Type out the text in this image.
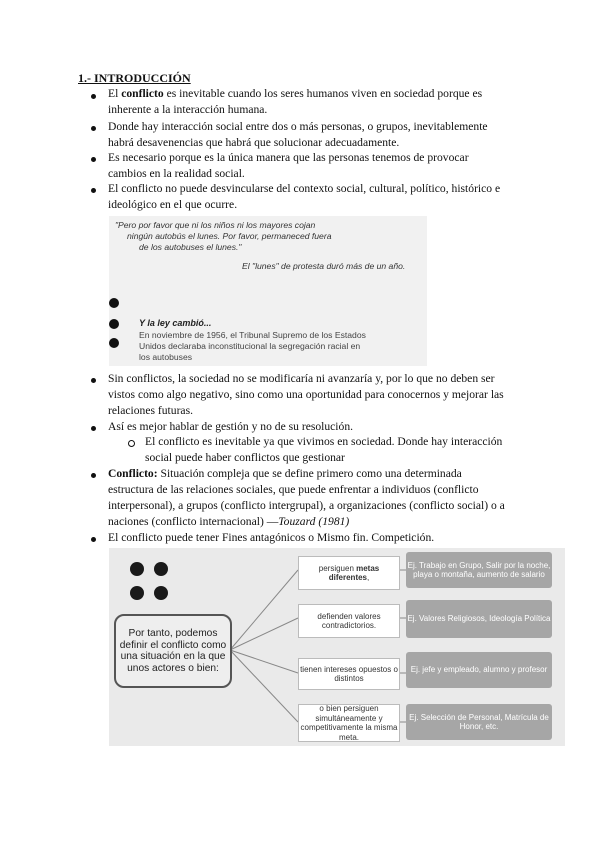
1.- INTRODUCCIÓN
El conflicto es inevitable cuando los seres humanos viven en sociedad porque es
inherente a la interacción humana.
Donde hay interacción social entre dos o más personas, o grupos, inevitablemente
habrá desavenencias que habrá que solucionar adecuadamente.
Es necesario porque es la única manera que las personas tenemos de provocar
cambios en la realidad social.
El conflicto no puede desvincularse del contexto social, cultural, político, histórico e
ideológico en el que ocurre.
"Pero por favor que ni los niños ni los mayores cojan
ningún autobús el lunes. Por favor, permaneced fuera
de los autobuses el lunes."
El "lunes" de protesta duró más de un año.
Y la ley cambió...
En noviembre de 1956, el Tribunal Supremo de los Estados
Unidos declaraba inconstitucional la segregación racial en
los autobuses
Sin conflictos, la sociedad no se modificaría ni avanzaría y, por lo que no deben ser
vistos como algo negativo, sino como una oportunidad para conocernos y mejorar las
relaciones futuras.
Así es mejor hablar de gestión y no de su resolución.
El conflicto es inevitable ya que vivimos en sociedad. Donde hay interacción
social puede haber conflictos que gestionar
Conflicto: Situación compleja que se define primero como una determinada
estructura de las relaciones sociales, que puede enfrentar a individuos (conflicto
interpersonal), a grupos (conflicto intergrupal), a organizaciones (conflicto social) o a
naciones (conflicto internacional) —Touzard (1981)
El conflicto puede tener Fines antagónicos o Mismo fin. Competición.
Por tanto, podemos definir el conflicto como una situación en la que unos actores o bien:
persiguen metas diferentes,
defienden valores contradictorios.
tienen intereses opuestos o distintos
o bien persiguen simultáneamente y competitivamente la misma meta.
Ej. Trabajo en Grupo, Salir por la noche, playa o montaña, aumento de salario
Ej. Valores Religiosos, Ideología Política
Ej. jefe y empleado, alumno y profesor
Ej. Selección de Personal, Matrícula de Honor, etc.
